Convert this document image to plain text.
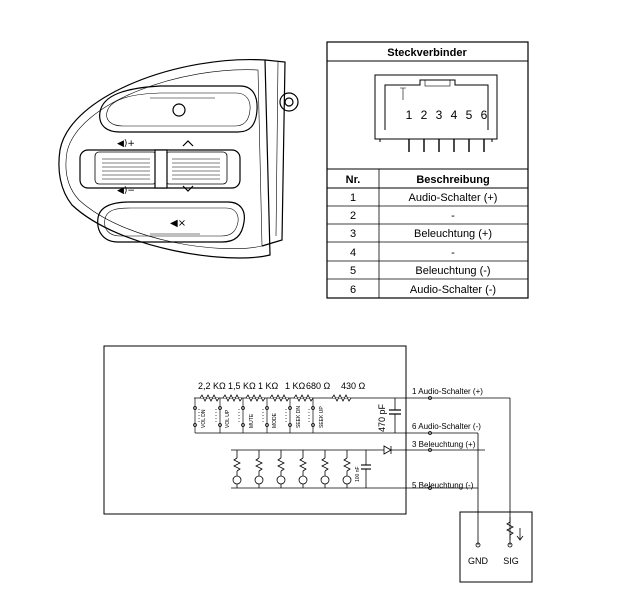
◀)+
◀)−
◀×
Steckverbinder
1 2 3 4 5 6
Nr.	Beschreibung
1	Audio-Schalter (+)
2	-
3	Beleuchtung (+)
4	-
5	Beleuchtung (-)
6	Audio-Schalter (-)
2,2 KΩ 1,5 KΩ 1 KΩ 1 KΩ 680 Ω 430 Ω
VOL DN	VOL UP	MUTE	MODE	SEEK DN	SEEK UP	470 pF
100 nF
1 Audio-Schalter (+)
6 Audio-Schalter (-)
3 Beleuchtung (+)
5 Beleuchtung (-)
GND SIG
